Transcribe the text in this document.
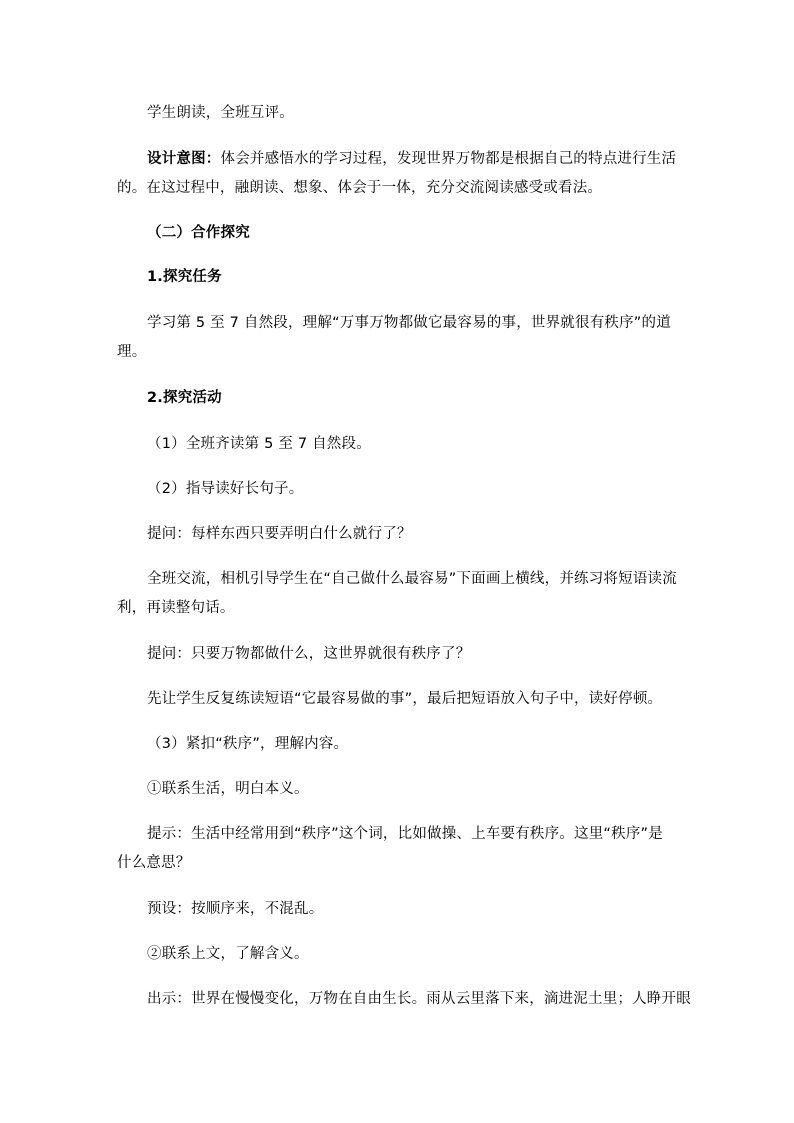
学生朗读，全班互评。
设计意图：体会并感悟水的学习过程，发现世界万物都是根据自己的特点进行生活
的。在这过程中，融朗读、想象、体会于一体，充分交流阅读感受或看法。
（二）合作探究
1.探究任务
学习第 5 至 7 自然段，理解“万事万物都做它最容易的事，世界就很有秩序”的道
理。
2.探究活动
（1）全班齐读第 5 至 7 自然段。
（2）指导读好长句子。
提问：每样东西只要弄明白什么就行了？
全班交流，相机引导学生在“自己做什么最容易”下面画上横线，并练习将短语读流
利，再读整句话。
提问：只要万物都做什么，这世界就很有秩序了？
先让学生反复练读短语“它最容易做的事”，最后把短语放入句子中，读好停顿。
（3）紧扣“秩序”，理解内容。
①联系生活，明白本义。
提示：生活中经常用到“秩序”这个词，比如做操、上车要有秩序。这里“秩序”是
什么意思？
预设：按顺序来，不混乱。
②联系上文，了解含义。
出示：世界在慢慢变化，万物在自由生长。雨从云里落下来，滴进泥土里；人睁开眼
